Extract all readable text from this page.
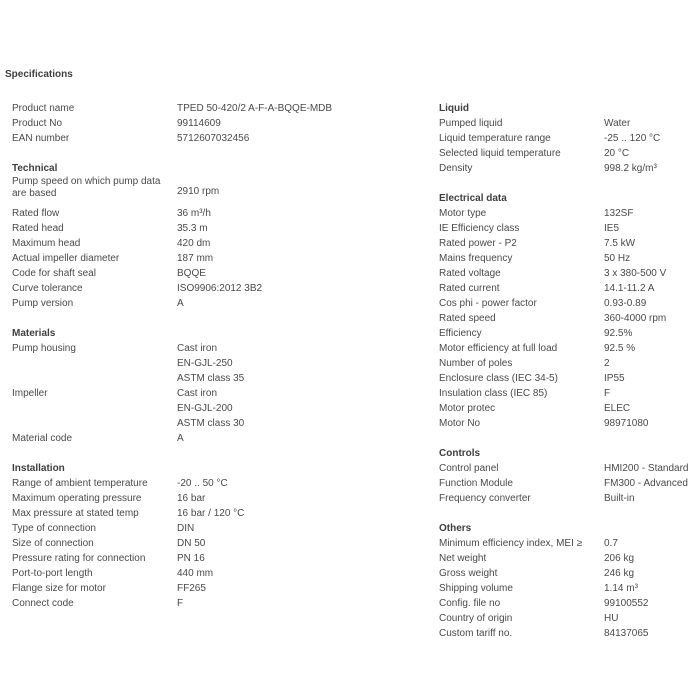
Specifications
Product name	TPED 50-420/2 A-F-A-BQQE-MDB
Product No	99114609
EAN number	5712607032456
Technical
Pump speed on which pump data are based	2910 rpm
Rated flow	36 m³/h
Rated head	35.3 m
Maximum head	420 dm
Actual impeller diameter	187 mm
Code for shaft seal	BQQE
Curve tolerance	ISO9906:2012 3B2
Pump version	A
Materials
Pump housing	Cast iron
EN-GJL-250
ASTM class 35
Impeller	Cast iron
EN-GJL-200
ASTM class 30
Material code	A
Installation
Range of ambient temperature	-20 .. 50 °C
Maximum operating pressure	16 bar
Max pressure at stated temp	16 bar / 120 °C
Type of connection	DIN
Size of connection	DN 50
Pressure rating for connection	PN 16
Port-to-port length	440 mm
Flange size for motor	FF265
Connect code	F
Liquid
Pumped liquid	Water
Liquid temperature range	-25 .. 120 °C
Selected liquid temperature	20 °C
Density	998.2 kg/m³
Electrical data
Motor type	132SF
IE Efficiency class	IE5
Rated power - P2	7.5 kW
Mains frequency	50 Hz
Rated voltage	3 x 380-500 V
Rated current	14.1-11.2 A
Cos phi - power factor	0.93-0.89
Rated speed	360-4000 rpm
Efficiency	92.5%
Motor efficiency at full load	92.5 %
Number of poles	2
Enclosure class (IEC 34-5)	IP55
Insulation class (IEC 85)	F
Motor protec	ELEC
Motor No	98971080
Controls
Control panel	HMI200 - Standard
Function Module	FM300 - Advanced
Frequency converter	Built-in
Others
Minimum efficiency index, MEI ≥	0.7
Net weight	206 kg
Gross weight	246 kg
Shipping volume	1.14 m³
Config. file no	99100552
Country of origin	HU
Custom tariff no.	84137065
